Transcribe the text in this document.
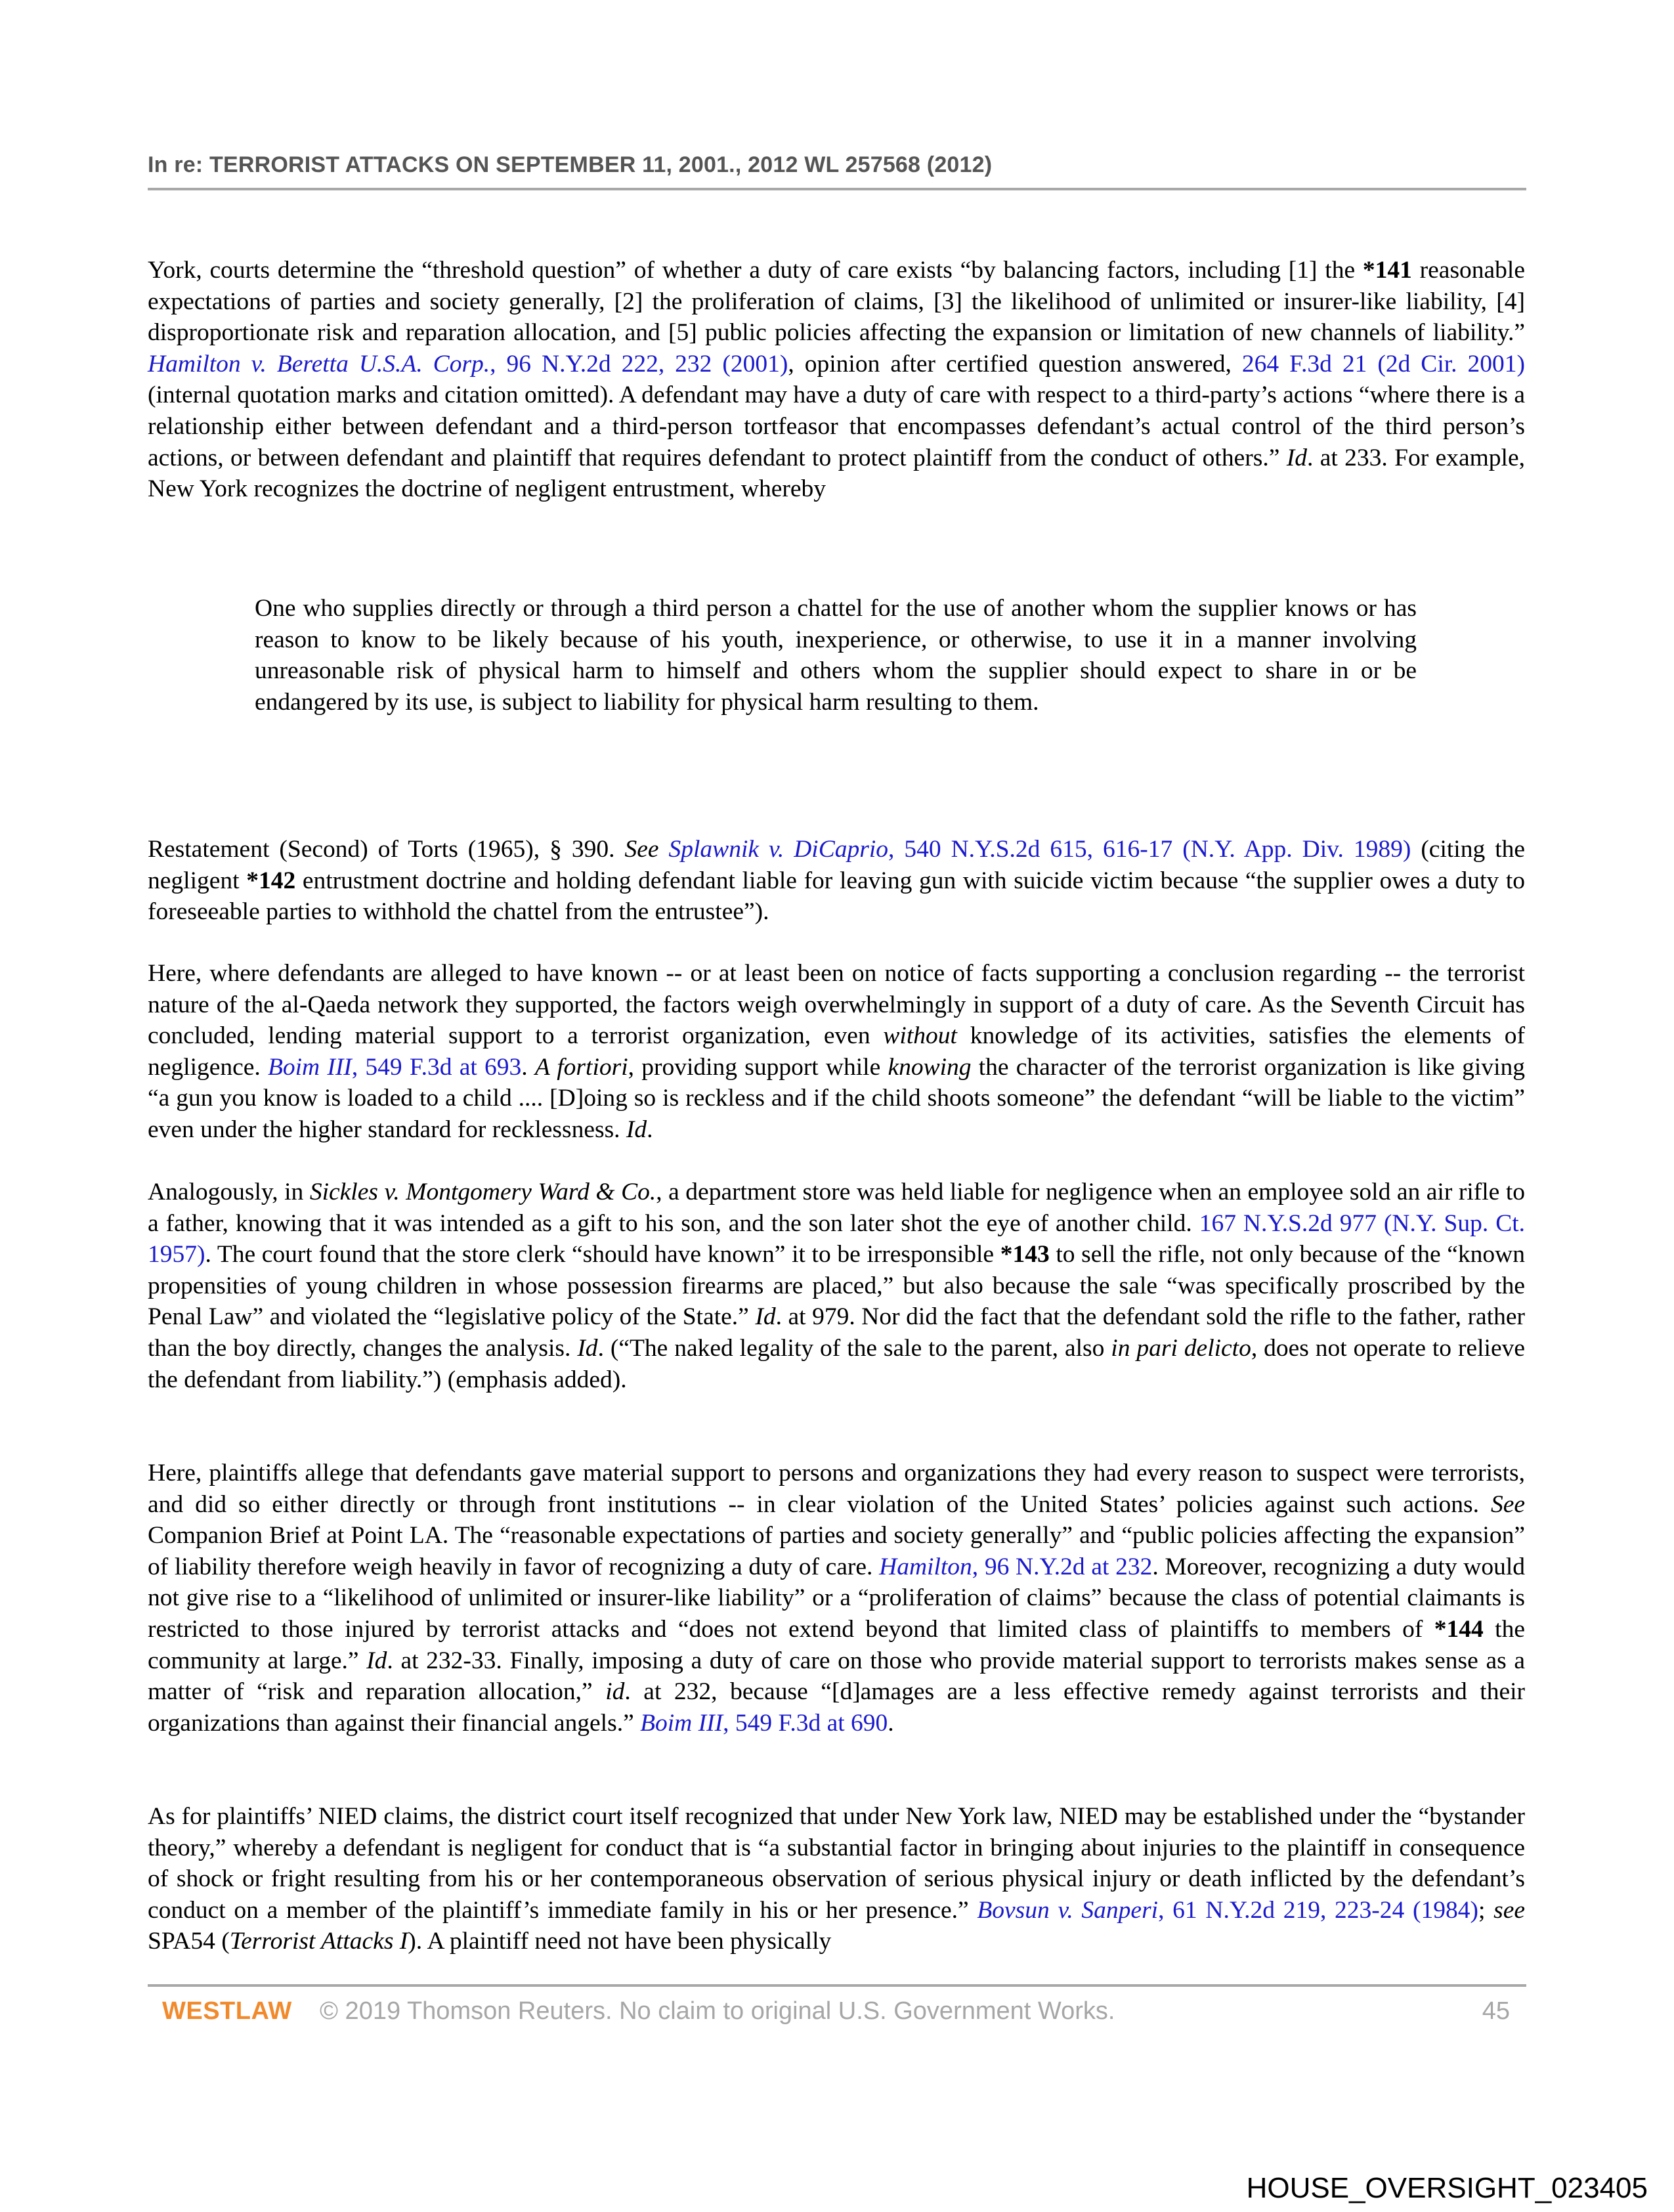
In re: TERRORIST ATTACKS ON SEPTEMBER 11, 2001., 2012 WL 257568 (2012)
York, courts determine the “threshold question” of whether a duty of care exists “by balancing factors, including [1] the *141 reasonable expectations of parties and society generally, [2] the proliferation of claims, [3] the likelihood of unlimited or insurer-like liability, [4] disproportionate risk and reparation allocation, and [5] public policies affecting the expansion or limitation of new channels of liability.” Hamilton v. Beretta U.S.A. Corp., 96 N.Y.2d 222, 232 (2001), opinion after certified question answered, 264 F.3d 21 (2d Cir. 2001) (internal quotation marks and citation omitted). A defendant may have a duty of care with respect to a third-party’s actions “where there is a relationship either between defendant and a third-person tortfeasor that encompasses defendant’s actual control of the third person’s actions, or between defendant and plaintiff that requires defendant to protect plaintiff from the conduct of others.” Id. at 233. For example, New York recognizes the doctrine of negligent entrustment, whereby
One who supplies directly or through a third person a chattel for the use of another whom the supplier knows or has reason to know to be likely because of his youth, inexperience, or otherwise, to use it in a manner involving unreasonable risk of physical harm to himself and others whom the supplier should expect to share in or be endangered by its use, is subject to liability for physical harm resulting to them.
Restatement (Second) of Torts (1965), § 390. See Splawnik v. DiCaprio, 540 N.Y.S.2d 615, 616-17 (N.Y. App. Div. 1989) (citing the negligent *142 entrustment doctrine and holding defendant liable for leaving gun with suicide victim because “the supplier owes a duty to foreseeable parties to withhold the chattel from the entrustee”).
Here, where defendants are alleged to have known -- or at least been on notice of facts supporting a conclusion regarding -- the terrorist nature of the al-Qaeda network they supported, the factors weigh overwhelmingly in support of a duty of care. As the Seventh Circuit has concluded, lending material support to a terrorist organization, even without knowledge of its activities, satisfies the elements of negligence. Boim III, 549 F.3d at 693. A fortiori, providing support while knowing the character of the terrorist organization is like giving “a gun you know is loaded to a child .... [D]oing so is reckless and if the child shoots someone” the defendant “will be liable to the victim” even under the higher standard for recklessness. Id.
Analogously, in Sickles v. Montgomery Ward & Co., a department store was held liable for negligence when an employee sold an air rifle to a father, knowing that it was intended as a gift to his son, and the son later shot the eye of another child. 167 N.Y.S.2d 977 (N.Y. Sup. Ct. 1957). The court found that the store clerk “should have known” it to be irresponsible *143 to sell the rifle, not only because of the “known propensities of young children in whose possession firearms are placed,” but also because the sale “was specifically proscribed by the Penal Law” and violated the “legislative policy of the State.” Id. at 979. Nor did the fact that the defendant sold the rifle to the father, rather than the boy directly, changes the analysis. Id. (“The naked legality of the sale to the parent, also in pari delicto, does not operate to relieve the defendant from liability.”) (emphasis added).
Here, plaintiffs allege that defendants gave material support to persons and organizations they had every reason to suspect were terrorists, and did so either directly or through front institutions -- in clear violation of the United States’ policies against such actions. See Companion Brief at Point LA. The “reasonable expectations of parties and society generally” and “public policies affecting the expansion” of liability therefore weigh heavily in favor of recognizing a duty of care. Hamilton, 96 N.Y.2d at 232. Moreover, recognizing a duty would not give rise to a “likelihood of unlimited or insurer-like liability” or a “proliferation of claims” because the class of potential claimants is restricted to those injured by terrorist attacks and “does not extend beyond that limited class of plaintiffs to members of *144 the community at large.” Id. at 232-33. Finally, imposing a duty of care on those who provide material support to terrorists makes sense as a matter of “risk and reparation allocation,” id. at 232, because “[d]amages are a less effective remedy against terrorists and their organizations than against their financial angels.” Boim III, 549 F.3d at 690.
As for plaintiffs’ NIED claims, the district court itself recognized that under New York law, NIED may be established under the “bystander theory,” whereby a defendant is negligent for conduct that is “a substantial factor in bringing about injuries to the plaintiff in consequence of shock or fright resulting from his or her contemporaneous observation of serious physical injury or death inflicted by the defendant’s conduct on a member of the plaintiff’s immediate family in his or her presence.” Bovsun v. Sanperi, 61 N.Y.2d 219, 223-24 (1984); see SPA54 (Terrorist Attacks I). A plaintiff need not have been physically
WESTLAW © 2019 Thomson Reuters. No claim to original U.S. Government Works.	45
HOUSE_OVERSIGHT_023405
